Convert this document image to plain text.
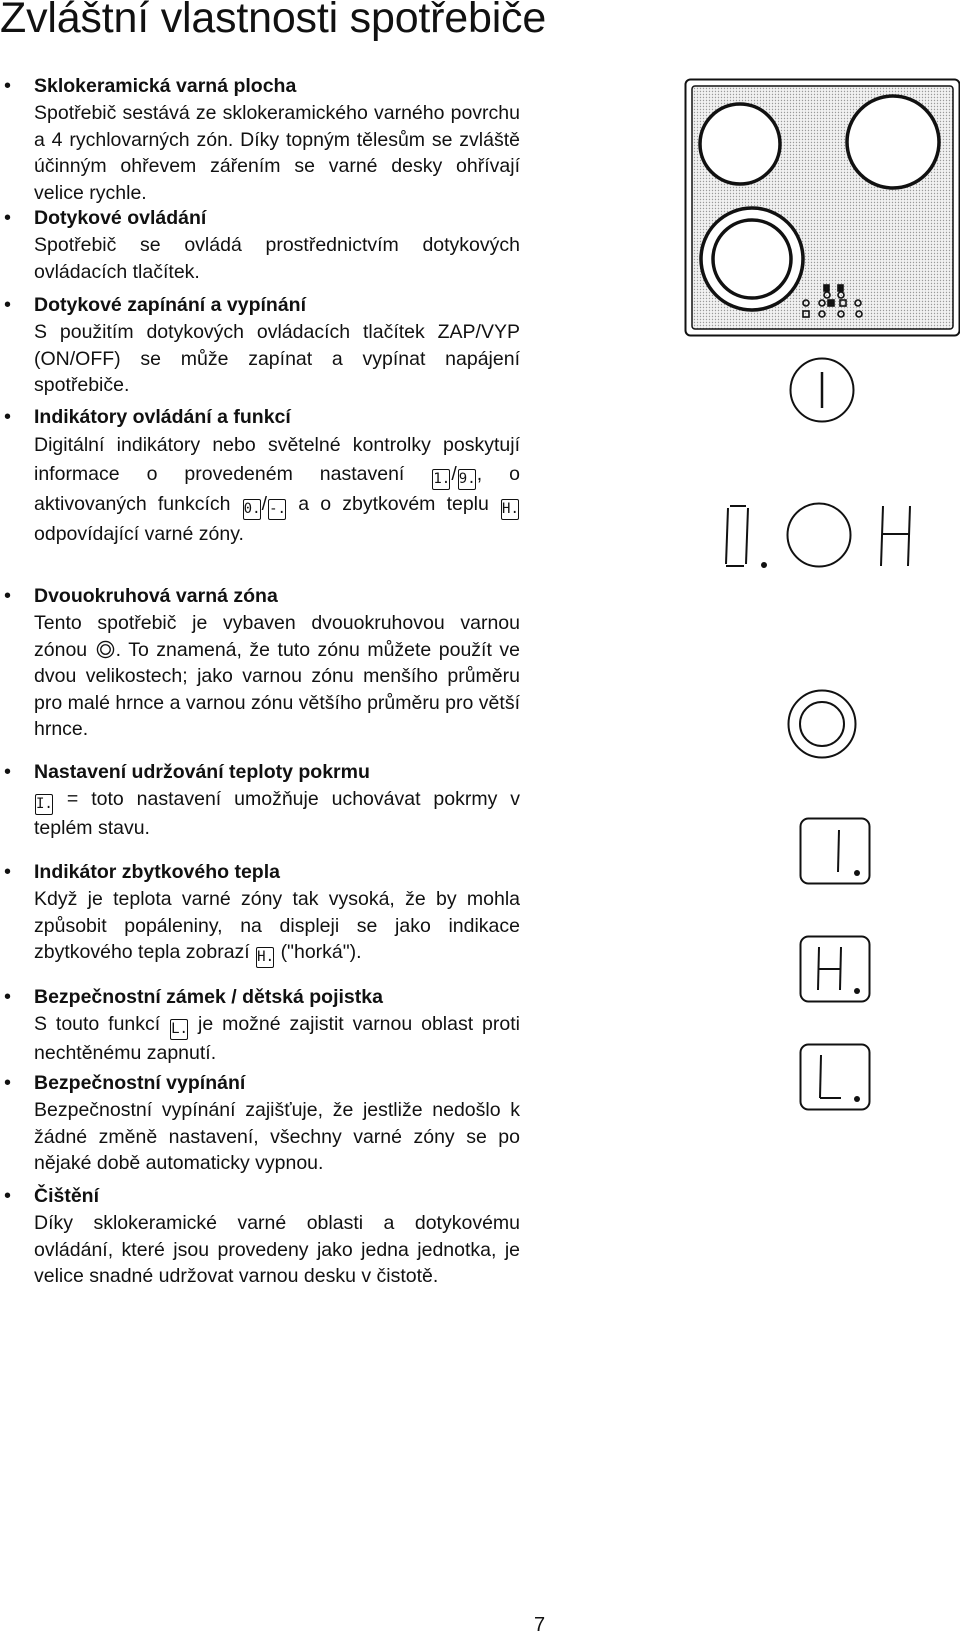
Zvláštní vlastnosti spotřebiče
• Sklokeramická varná plocha

Spotřebič sestává ze sklokeramického varného povrchu a 4 rychlovarných zón. Díky topným tělesům se zvláště účinným ohřevem zářením se varné desky ohřívají velice rychle.

• Dotykové ovládání

Spotřebič se ovládá prostřednictvím dotykových ovládacích tlačítek.

• Dotykové zapínání a vypínání

S použitím dotykových ovládacích tlačítek ZAP/VYP (ON/OFF) se může zapínat a vypínat napájení spotřebiče.

• Indikátory ovládání a funkcí

Digitální indikátory nebo světelné kontrolky poskytují informace o provedeném nastavení 1./ 9., o aktivovaných funkcích 0./ -. a o zbytkovém teplu H. odpovídající varné zóny.

• Dvouokruhová varná zóna

Tento spotřebič je vybaven dvouokruhovou varnou zónou . To znamená, že tuto zónu můžete použít ve dvou velikostech; jako varnou zónu menšího průměru pro malé hrnce a varnou zónu většího průměru pro větší hrnce.

• Nastavení udržování teploty pokrmu

I. = toto nastavení umožňuje uchovávat pokrmy v teplém stavu.

• Indikátor zbytkového tepla

Když je teplota varné zóny tak vysoká, že by mohla způsobit popáleniny, na displeji se jako indikace zbytkového tepla zobrazí H. ("horká").

• Bezpečnostní zámek / dětská pojistka

S touto funkcí L. je možné zajistit varnou oblast proti nechtěnému zapnutí.

• Bezpečnostní vypínání

Bezpečnostní vypínání zajišťuje, že jestliže nedošlo k žádné změně nastavení, všechny varné zóny se po nějaké době automaticky vypnou.

• Čištění

Díky sklokeramické varné oblasti a dotykovému ovládání, které jsou provedeny jako jedna jednotka, je velice snadné udržovat varnou desku v čistotě.

7
